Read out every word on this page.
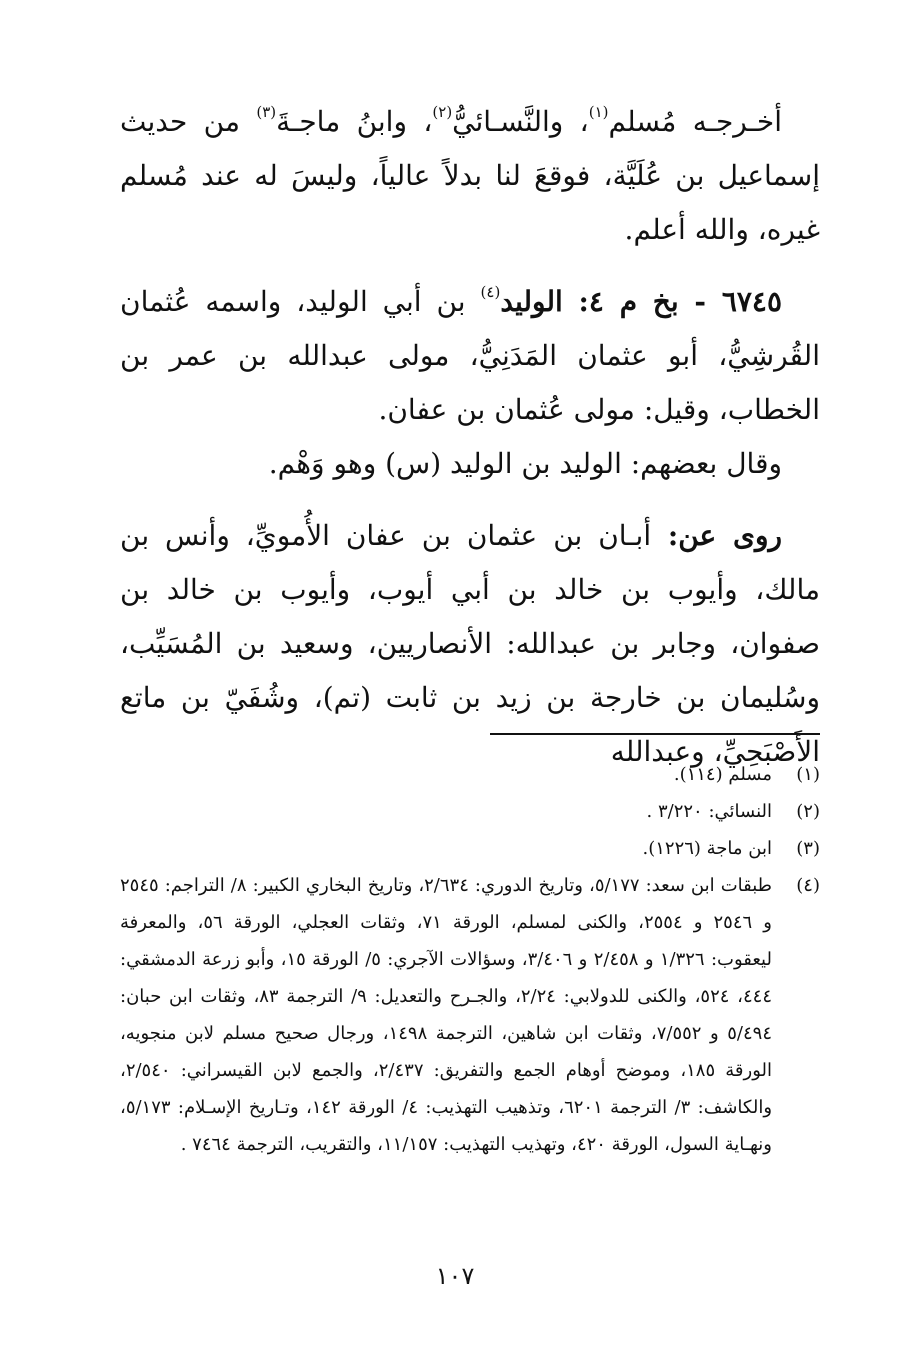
أخـرجـه مُسلم$^{(١)}$، والنَّسـائيُّ$^{(٢)}$، وابنُ ماجـةَ$^{(٣)}$ من حديث إسماعيل بن عُلَيَّة، فوقعَ لنا بدلاً عالياً، وليسَ له عند مُسلم غيره، والله أعلم.

٦٧٤٥ - بخ م ٤: الوليد$^{(٤)}$ بن أبي الوليد، واسمه عُثمان القُرشِيُّ، أبو عثمان المَدَنِيُّ، مولى عبدالله بن عمر بن الخطاب، وقيل: مولى عُثمان بن عفان.

وقال بعضهم: الوليد بن الوليد (س) وهو وَهْم.

روى عن: أبـان بن عثمان بن عفان الأُمويِّ، وأنس بن مالك، وأيوب بن خالد بن أبي أيوب، وأيوب بن خالد بن صفوان، وجابر بن عبدالله: الأنصاريين، وسعيد بن المُسَيِّب، وسُليمان بن خارجة بن زيد بن ثابت (تم)، وشُفَيّ بن ماتع الأَصْبَحِيِّ، وعبدالله

(١)
مسلم (١١٤).
(٢)
النسائي: ٣/٢٢٠ .
(٣)
ابن ماجة (١٢٢٦).
(٤)
طبقات ابن سعد: ٥/١٧٧، وتاريخ الدوري: ٢/٦٣٤، وتاريخ البخاري الكبير: ٨/ التراجم: ٢٥٤٥ و ٢٥٤٦ و ٢٥٥٤، والكنى لمسلم، الورقة ٧١، وثقات العجلي، الورقة ٥٦، والمعرفة ليعقوب: ١/٣٢٦ و ٢/٤٥٨ و ٣/٤٠٦، وسؤالات الآجري: ٥/ الورقة ١٥، وأبو زرعة الدمشقي: ٤٤٤، ٥٢٤، والكنى للدولابي: ٢/٢٤، والجـرح والتعديل: ٩/ الترجمة ٨٣، وثقات ابن حبان: ٥/٤٩٤ و ٧/٥٥٢، وثقات ابن شاهين، الترجمة ١٤٩٨، ورجال صحيح مسلم لابن منجويه، الورقة ١٨٥، وموضح أوهام الجمع والتفريق: ٢/٤٣٧، والجمع لابن القيسراني: ٢/٥٤٠، والكاشف: ٣/ الترجمة ٦٢٠١، وتذهيب التهذيب: ٤/ الورقة ١٤٢، وتـاريخ الإسـلام: ٥/١٧٣، ونهـاية السول، الورقة ٤٢٠، وتهذيب التهذيب: ١١/١٥٧، والتقريب، الترجمة ٧٤٦٤ .
١٠٧
